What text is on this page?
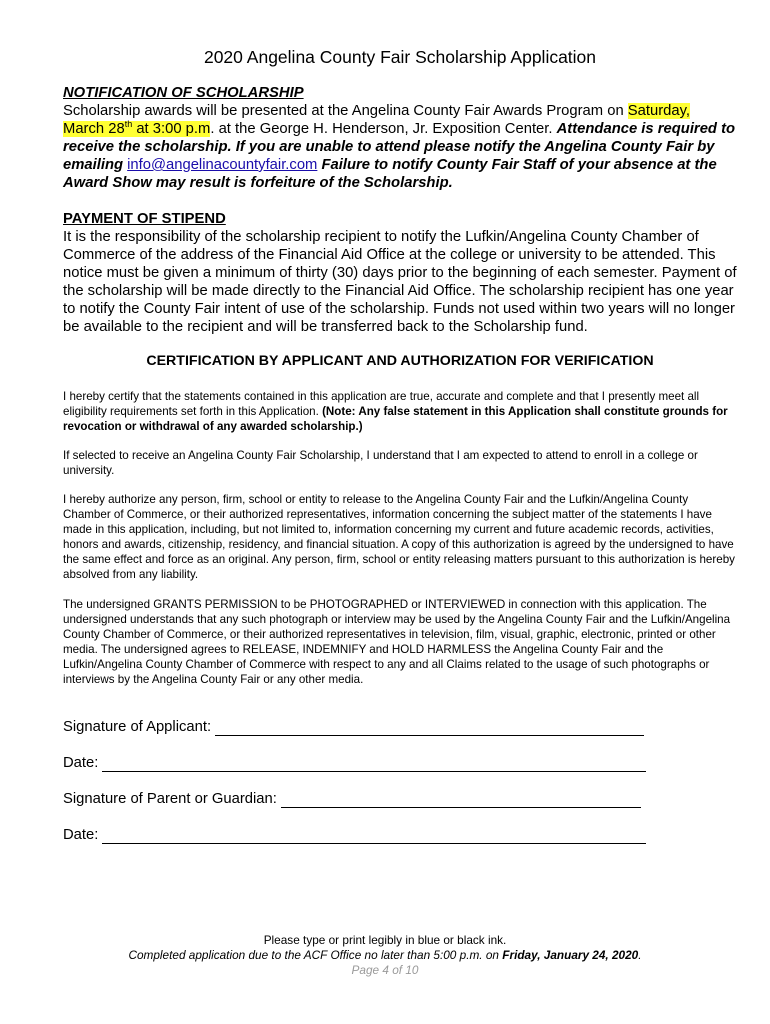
2020 Angelina County Fair Scholarship Application
NOTIFICATION OF SCHOLARSHIP
Scholarship awards will be presented at the Angelina County Fair Awards Program on Saturday,
March 28th at 3:00 p.m. at the George H. Henderson, Jr. Exposition Center. Attendance is required to receive the scholarship. If you are unable to attend please notify the Angelina County Fair by emailing info@angelinacountyfair.com Failure to notify County Fair Staff of your absence at the Award Show may result is forfeiture of the Scholarship.
PAYMENT OF STIPEND
It is the responsibility of the scholarship recipient to notify the Lufkin/Angelina County Chamber of Commerce of the address of the Financial Aid Office at the college or university to be attended. This notice must be given a minimum of thirty (30) days prior to the beginning of each semester. Payment of the scholarship will be made directly to the Financial Aid Office. The scholarship recipient has one year to notify the County Fair intent of use of the scholarship. Funds not used within two years will no longer be available to the recipient and will be transferred back to the Scholarship fund.
CERTIFICATION BY APPLICANT AND AUTHORIZATION FOR VERIFICATION
I hereby certify that the statements contained in this application are true, accurate and complete and that I presently meet all eligibility requirements set forth in this Application. (Note: Any false statement in this Application shall constitute grounds for revocation or withdrawal of any awarded scholarship.)
If selected to receive an Angelina County Fair Scholarship, I understand that I am expected to attend to enroll in a college or university.
I hereby authorize any person, firm, school or entity to release to the Angelina County Fair and the Lufkin/Angelina County Chamber of Commerce, or their authorized representatives, information concerning the subject matter of the statements I have made in this application, including, but not limited to, information concerning my current and future academic records, activities, honors and awards, citizenship, residency, and financial situation. A copy of this authorization is agreed by the undersigned to have the same effect and force as an original. Any person, firm, school or entity releasing matters pursuant to this authorization is hereby absolved from any liability.
The undersigned GRANTS PERMISSION to be PHOTOGRAPHED or INTERVIEWED in connection with this application. The undersigned understands that any such photograph or interview may be used by the Angelina County Fair and the Lufkin/Angelina County Chamber of Commerce, or their authorized representatives in television, film, visual, graphic, electronic, printed or other media. The undersigned agrees to RELEASE, INDEMNIFY and HOLD HARMLESS the Angelina County Fair and the Lufkin/Angelina County Chamber of Commerce with respect to any and all Claims related to the usage of such photographs or interviews by the Angelina County Fair or any other media.
Signature of Applicant:
Date:
Signature of Parent or Guardian:
Date:
Please type or print legibly in blue or black ink.
Completed application due to the ACF Office no later than 5:00 p.m. on Friday, January 24, 2020.
Page 4 of 10
